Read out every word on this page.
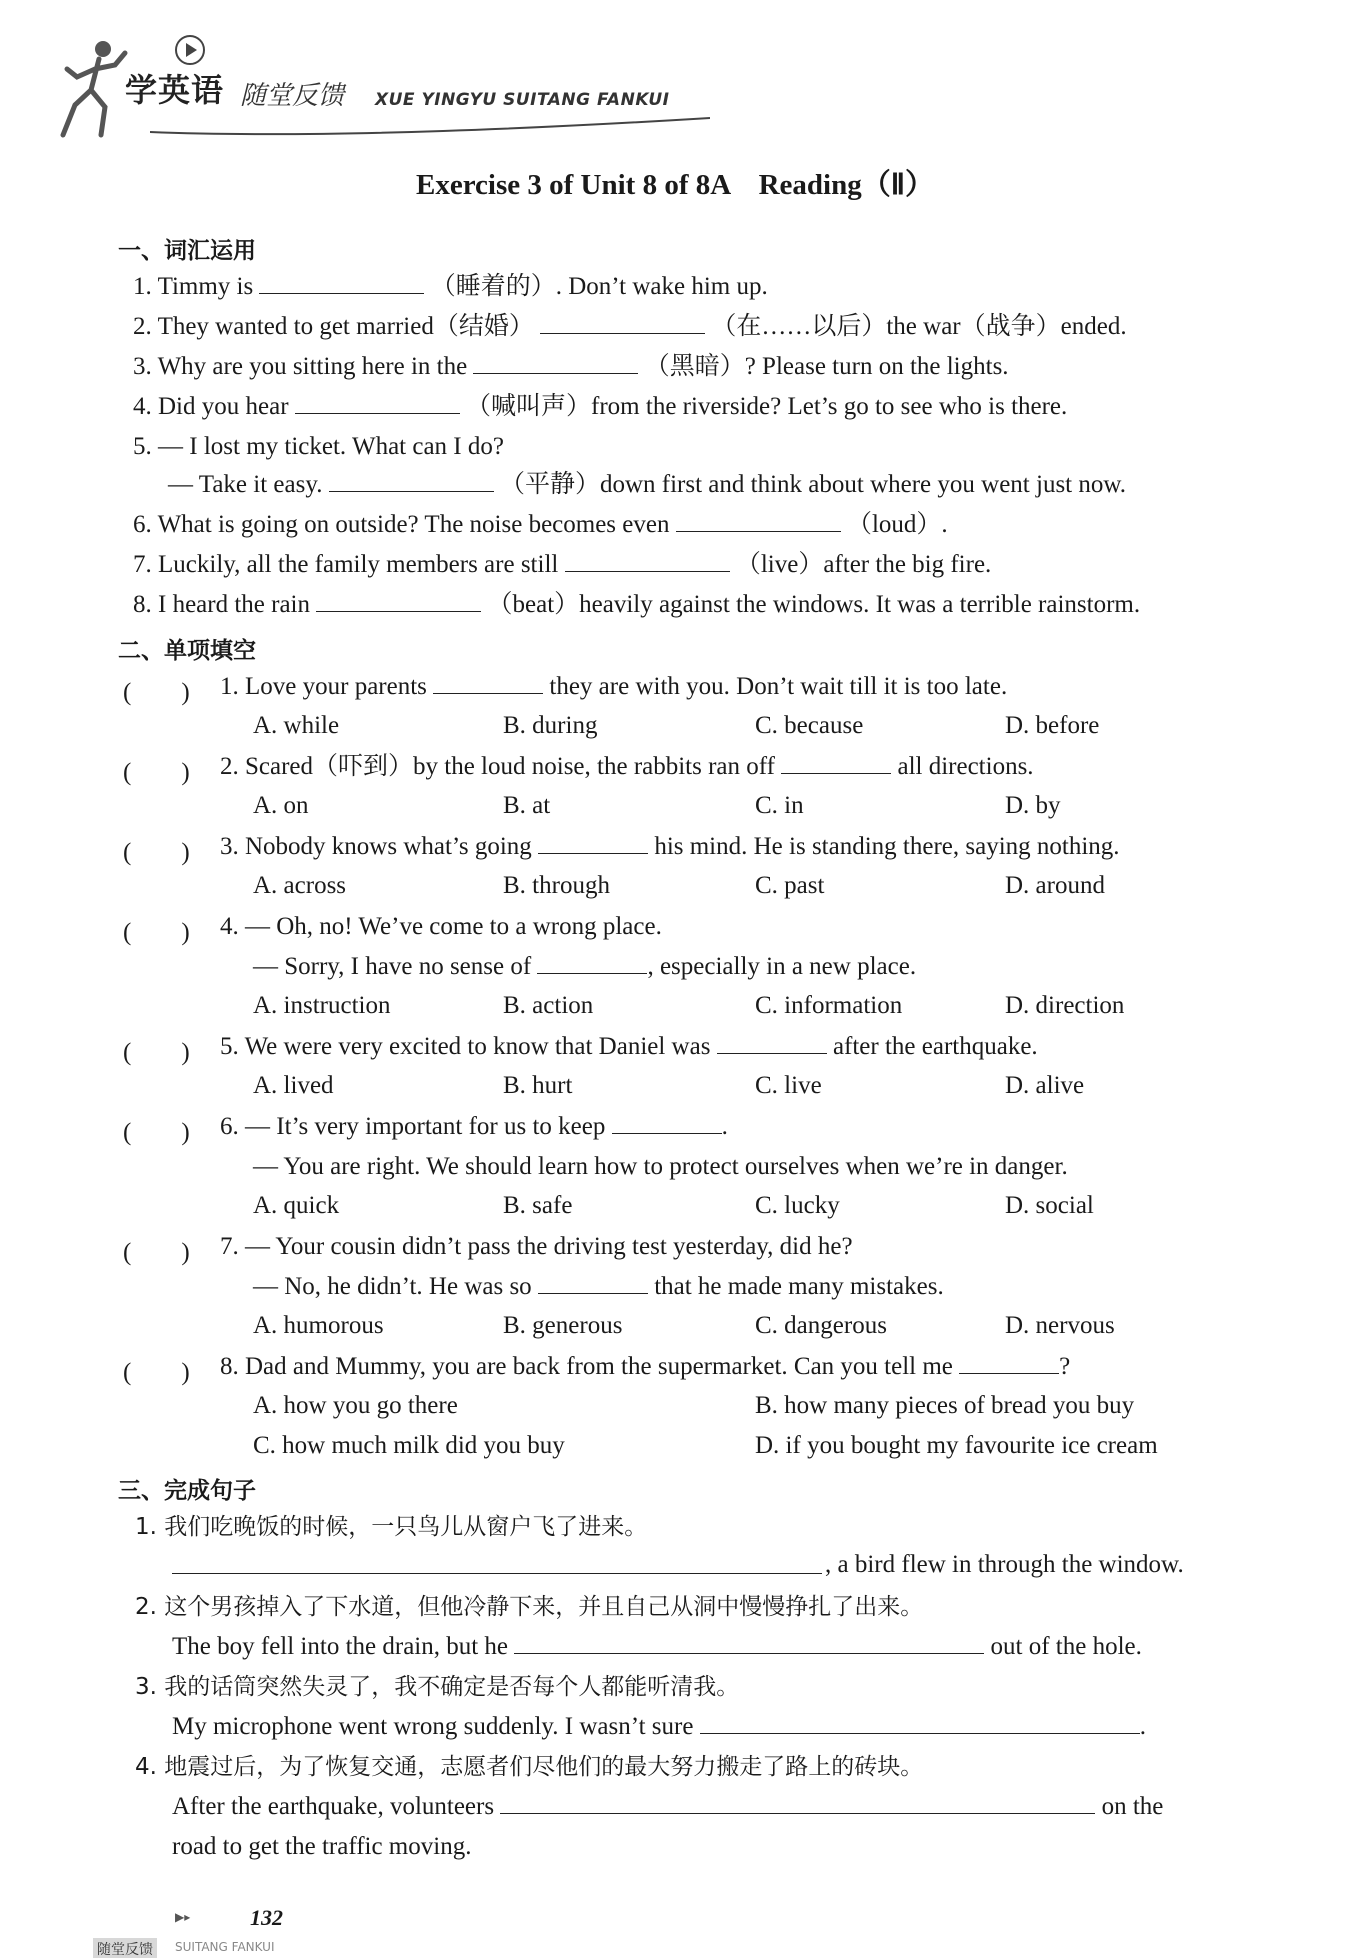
学英语 随堂反馈 XUE YINGYU SUITANG FANKUI
Exercise 3 of Unit 8 of 8A　Reading（Ⅱ）
一、词汇运用
1. Timmy is	（睡着的）. Don’t wake him up.
2. They wanted to get married（结婚）	（在……以后）the war（战争）ended.
3. Why are you sitting here in the	（黑暗）? Please turn on the lights.
4. Did you hear	（喊叫声）from the riverside? Let’s go to see who is there.
5. — I lost my ticket. What can I do?
— Take it easy.	（平静）down first and think about where you went just now.
6. What is going on outside? The noise becomes even	（loud）.
7. Luckily, all the family members are still	（live）after the big fire.
8. I heard the rain	（beat）heavily against the windows. It was a terrible rainstorm.
二、单项填空
(　　) 1. Love your parents	they are with you. Don’t wait till it is too late.
A. while	B. during	C. because	D. before
(　　) 2. Scared（吓到）by the loud noise, the rabbits ran off	all directions.
A. on	B. at	C. in	D. by
(　　) 3. Nobody knows what’s going	his mind. He is standing there, saying nothing.
A. across	B. through	C. past	D. around
(　　) 4. — Oh, no! We’ve come to a wrong place.
— Sorry, I have no sense of	, especially in a new place.
A. instruction	B. action	C. information	D. direction
(　　) 5. We were very excited to know that Daniel was	after the earthquake.
A. lived	B. hurt	C. live	D. alive
(　　) 6. — It’s very important for us to keep	.
— You are right. We should learn how to protect ourselves when we’re in danger.
A. quick	B. safe	C. lucky	D. social
(　　) 7. — Your cousin didn’t pass the driving test yesterday, did he?
— No, he didn’t. He was so	that he made many mistakes.
A. humorous	B. generous	C. dangerous	D. nervous
(　　) 8. Dad and Mummy, you are back from the supermarket. Can you tell me	?
A. how you go there	B. how many pieces of bread you buy
C. how much milk did you buy	D. if you bought my favourite ice cream
三、完成句子
1. 我们吃晚饭的时候，一只鸟儿从窗户飞了进来。
, a bird flew in through the window.
2. 这个男孩掉入了下水道，但他冷静下来，并且自己从洞中慢慢挣扎了出来。
The boy fell into the drain, but he	out of the hole.
3. 我的话筒突然失灵了，我不确定是否每个人都能听清我。
My microphone went wrong suddenly. I wasn’t sure	.
4. 地震过后，为了恢复交通，志愿者们尽他们的最大努力搬走了路上的砖块。
After the earthquake, volunteers	on the
road to get the traffic moving.
▶▸	132
随堂反馈	SUITANG FANKUI
